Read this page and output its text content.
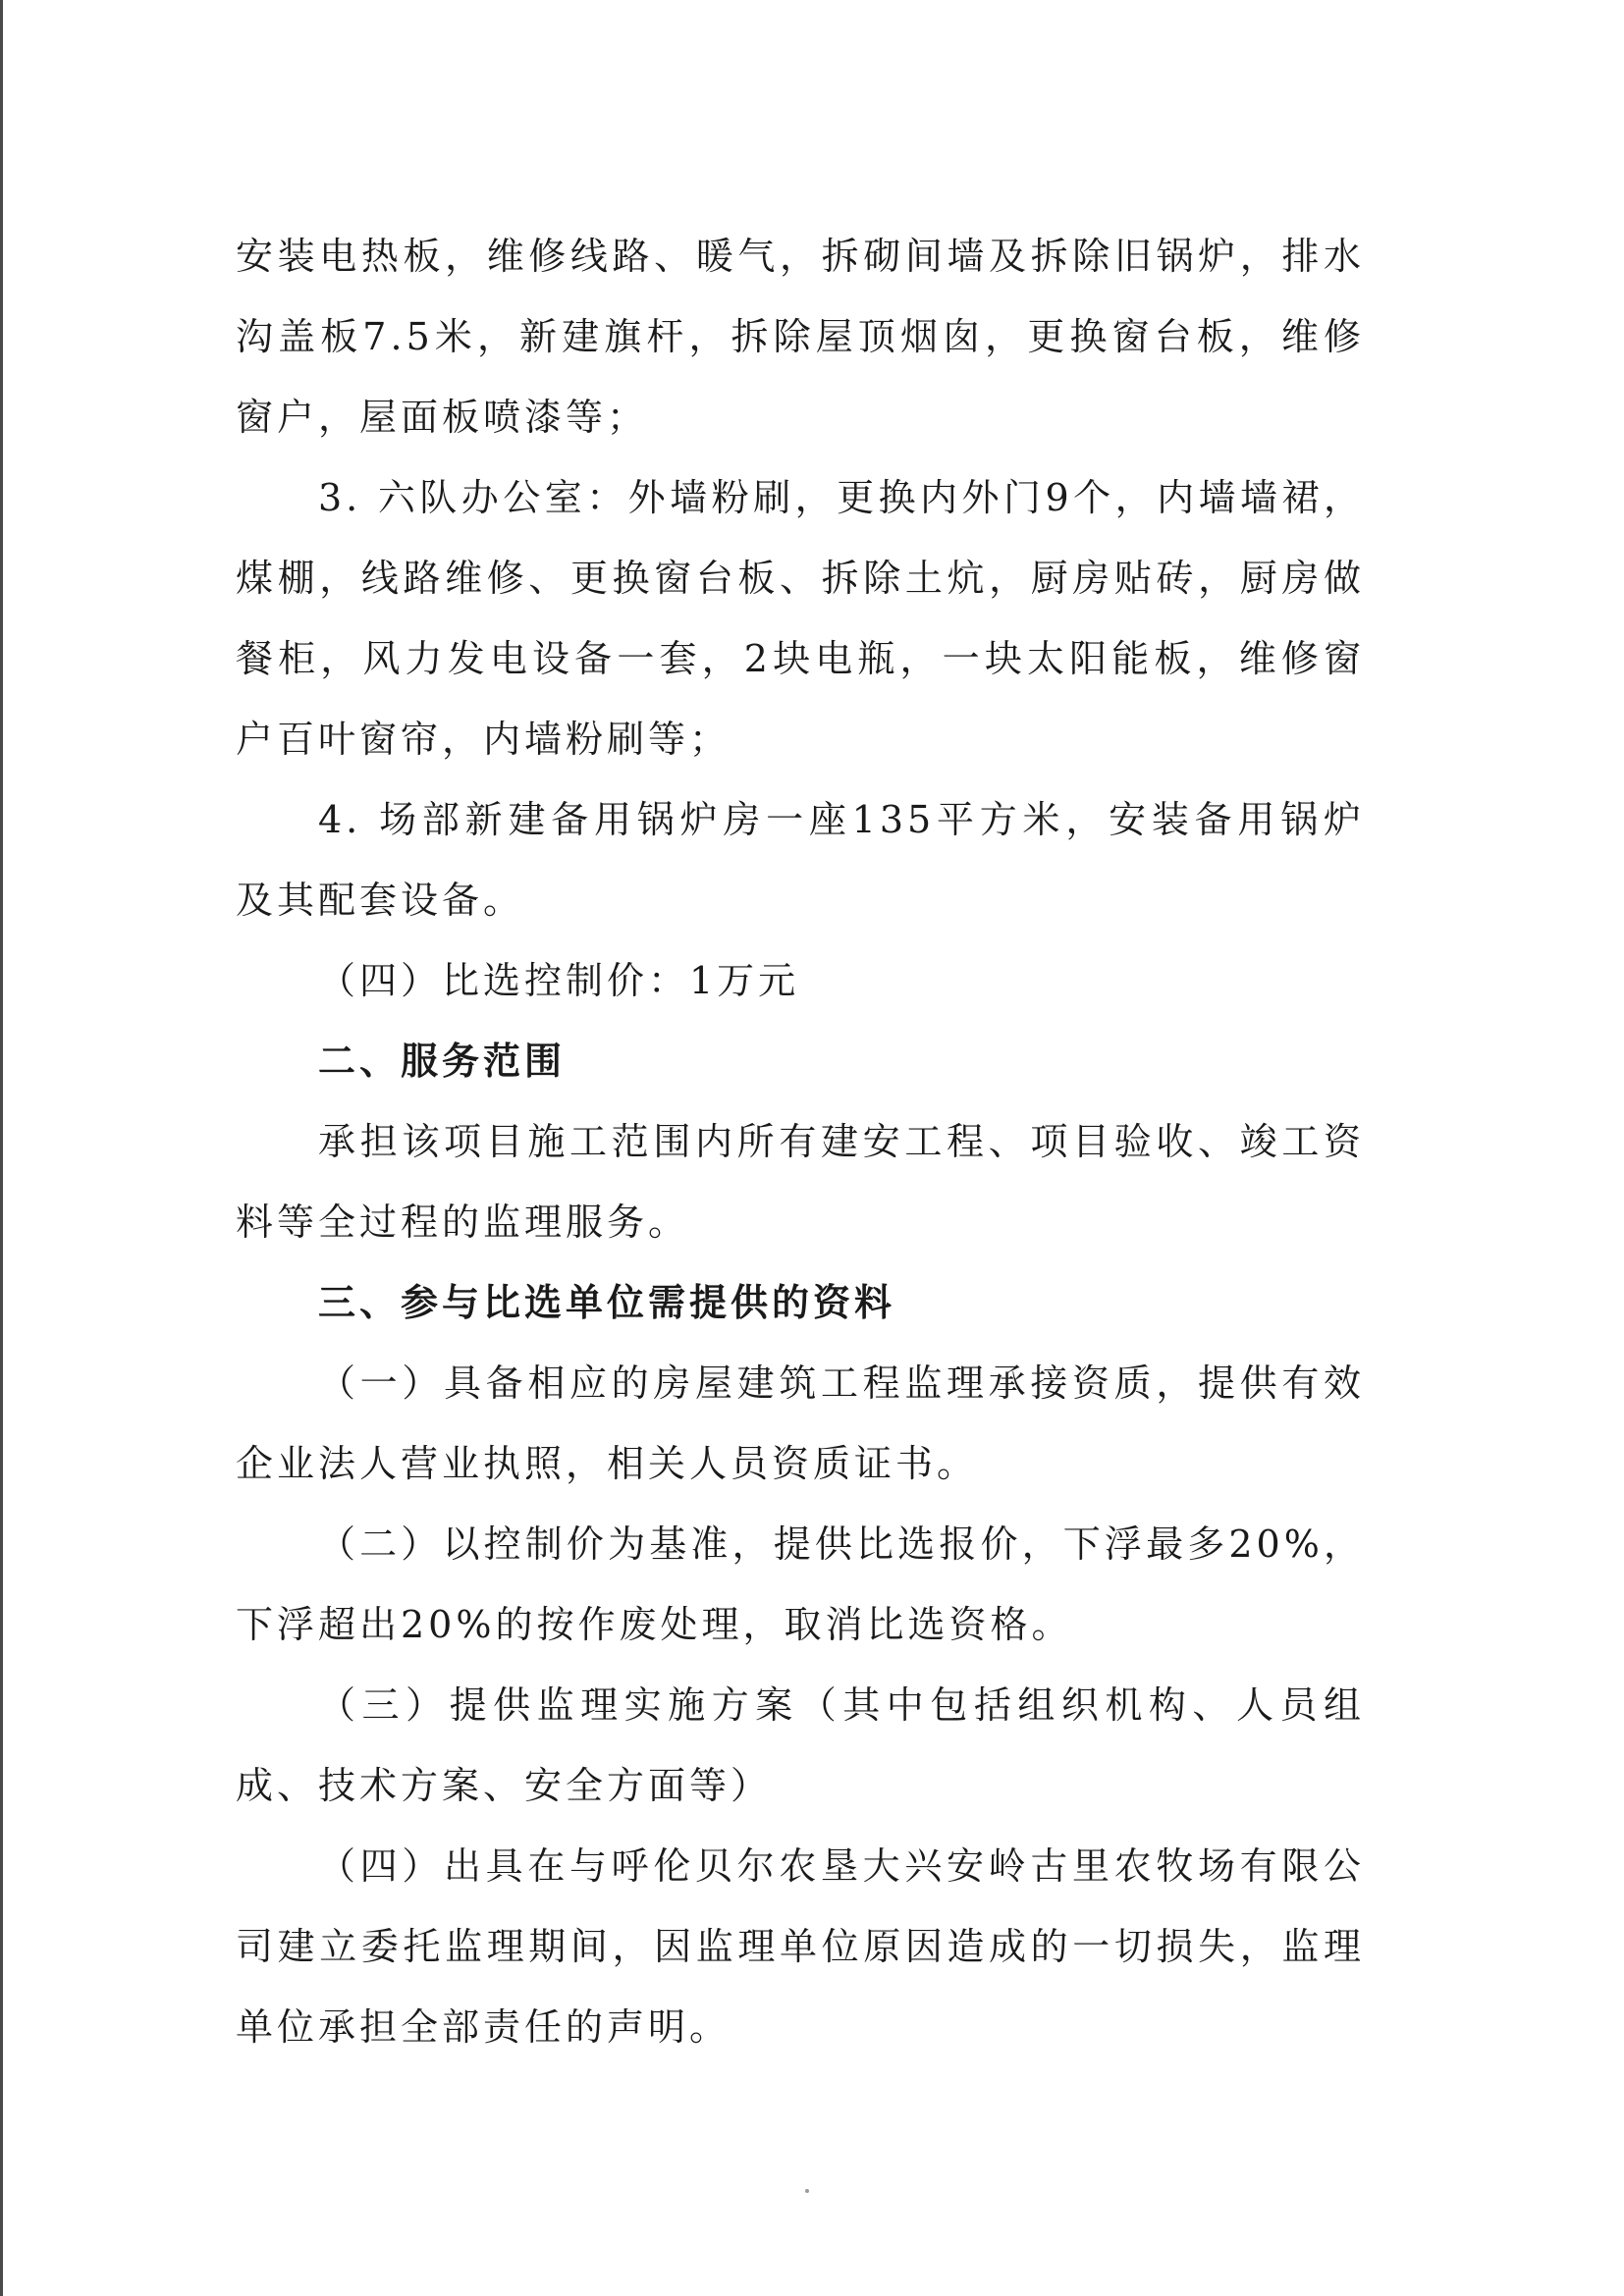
安装电热板，维修线路、暖气，拆砌间墙及拆除旧锅炉，排水沟盖板7.5米，新建旗杆，拆除屋顶烟囱，更换窗台板，维修窗户，屋面板喷漆等；

3. 六队办公室：外墙粉刷，更换内外门9个，内墙墙裙，煤棚，线路维修、更换窗台板、拆除土炕，厨房贴砖，厨房做餐柜，风力发电设备一套，2块电瓶，一块太阳能板，维修窗户百叶窗帘，内墙粉刷等；

4. 场部新建备用锅炉房一座135平方米，安装备用锅炉及其配套设备。

（四）比选控制价：1万元

二、服务范围

承担该项目施工范围内所有建安工程、项目验收、竣工资料等全过程的监理服务。

三、参与比选单位需提供的资料

（一）具备相应的房屋建筑工程监理承接资质，提供有效企业法人营业执照，相关人员资质证书。

（二）以控制价为基准，提供比选报价，下浮最多20%，下浮超出20%的按作废处理，取消比选资格。

（三）提供监理实施方案（其中包括组织机构、人员组成、技术方案、安全方面等）

（四）出具在与呼伦贝尔农垦大兴安岭古里农牧场有限公司建立委托监理期间，因监理单位原因造成的一切损失，监理单位承担全部责任的声明。
